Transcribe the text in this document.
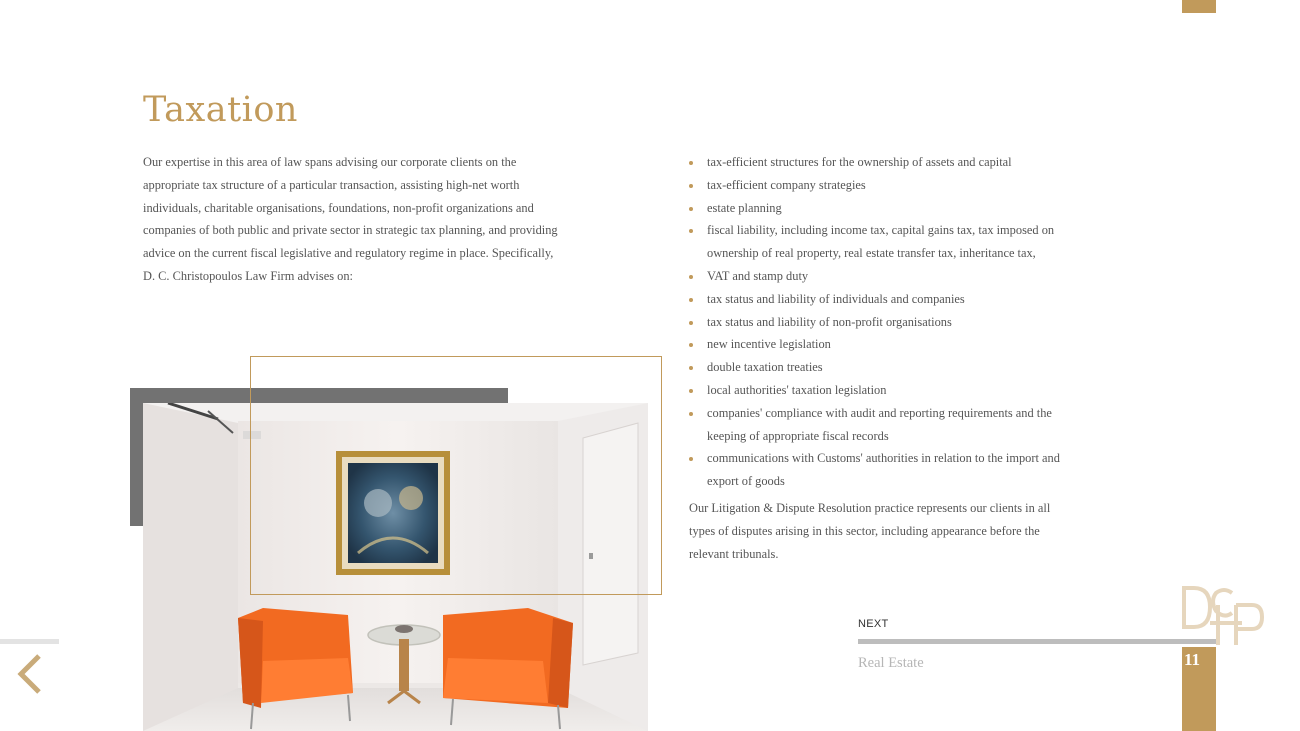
Taxation
Our expertise in this area of law spans advising our corporate clients on the appropriate tax structure of a particular transaction, assisting high-net worth individuals, charitable organisations, foundations, non-profit organizations and companies of both public and private sector in strategic tax planning, and providing advice on the current fiscal legislative and regulatory regime in place. Specifically, D. C. Christopoulos Law Firm advises on:
tax-efficient structures for the ownership of assets and capital
tax-efficient company strategies
estate planning
fiscal liability, including income tax, capital gains tax, tax imposed on ownership of real property, real estate transfer tax, inheritance tax,
VAT and stamp duty
tax status and liability of individuals and companies
tax status and liability of non-profit organisations
new incentive legislation
double taxation treaties
local authorities' taxation legislation
companies' compliance with audit and reporting requirements and the keeping of appropriate fiscal records
communications with Customs' authorities in relation to the import and export of goods
Our Litigation & Dispute Resolution practice represents our clients in all types of disputes arising in this sector, including appearance before the relevant tribunals.
NEXT
Real Estate	11
